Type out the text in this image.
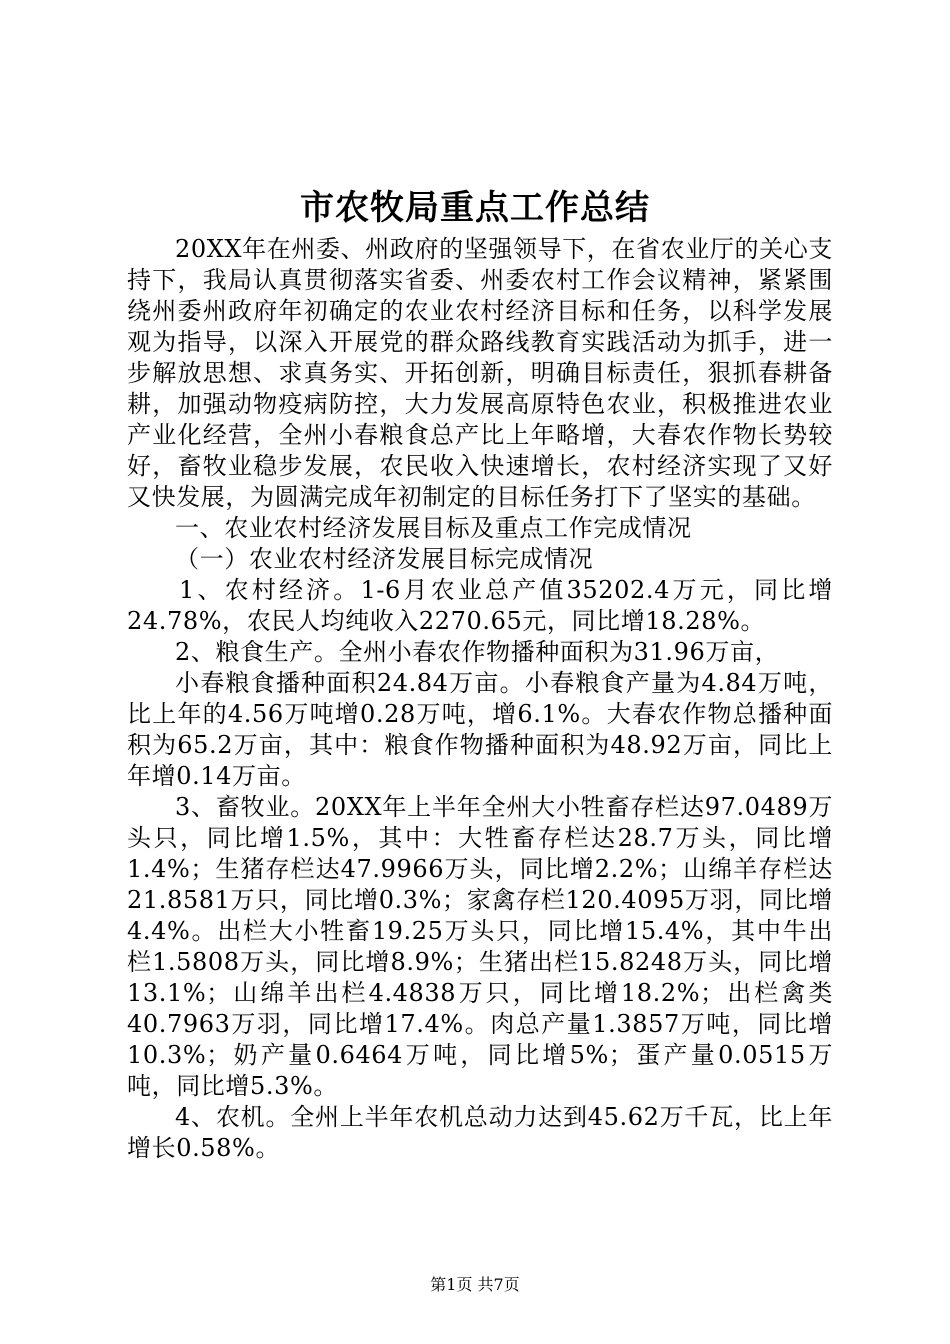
市农牧局重点工作总结

20XX年在州委、州政府的坚强领导下，在省农业厅的关心支持下，我局认真贯彻落实省委、州委农村工作会议精神，紧紧围绕州委州政府年初确定的农业农村经济目标和任务，以科学发展观为指导，以深入开展党的群众路线教育实践活动为抓手，进一步解放思想、求真务实、开拓创新，明确目标责任，狠抓春耕备耕，加强动物疫病防控，大力发展高原特色农业，积极推进农业产业化经营，全州小春粮食总产比上年略增，大春农作物长势较好，畜牧业稳步发展，农民收入快速增长，农村经济实现了又好又快发展，为圆满完成年初制定的目标任务打下了坚实的基础。

一、农业农村经济发展目标及重点工作完成情况

（一）农业农村经济发展目标完成情况

1、农村经济。1-6月农业总产值35202.4万元，同比增24.78%，农民人均纯收入2270.65元，同比增18.28%。

2、粮食生产。全州小春农作物播种面积为31.96万亩，

小春粮食播种面积24.84万亩。小春粮食产量为4.84万吨，比上年的4.56万吨增0.28万吨，增6.1%。大春农作物总播种面积为65.2万亩，其中：粮食作物播种面积为48.92万亩，同比上年增0.14万亩。

3、畜牧业。20XX年上半年全州大小牲畜存栏达97.0489万头只，同比增1.5%，其中：大牲畜存栏达28.7万头，同比增1.4%；生猪存栏达47.9966万头，同比增2.2%；山绵羊存栏达21.8581万只，同比增0.3%；家禽存栏120.4095万羽，同比增4.4%。出栏大小牲畜19.25万头只，同比增15.4%，其中牛出栏1.5808万头，同比增8.9%；生猪出栏15.8248万头，同比增13.1%；山绵羊出栏4.4838万只，同比增18.2%；出栏禽类40.7963万羽，同比增17.4%。肉总产量1.3857万吨，同比增10.3%；奶产量0.6464万吨，同比增5%；蛋产量0.0515万吨，同比增5.3%。

4、农机。全州上半年农机总动力达到45.62万千瓦，比上年增长0.58%。

第1页 共7页
